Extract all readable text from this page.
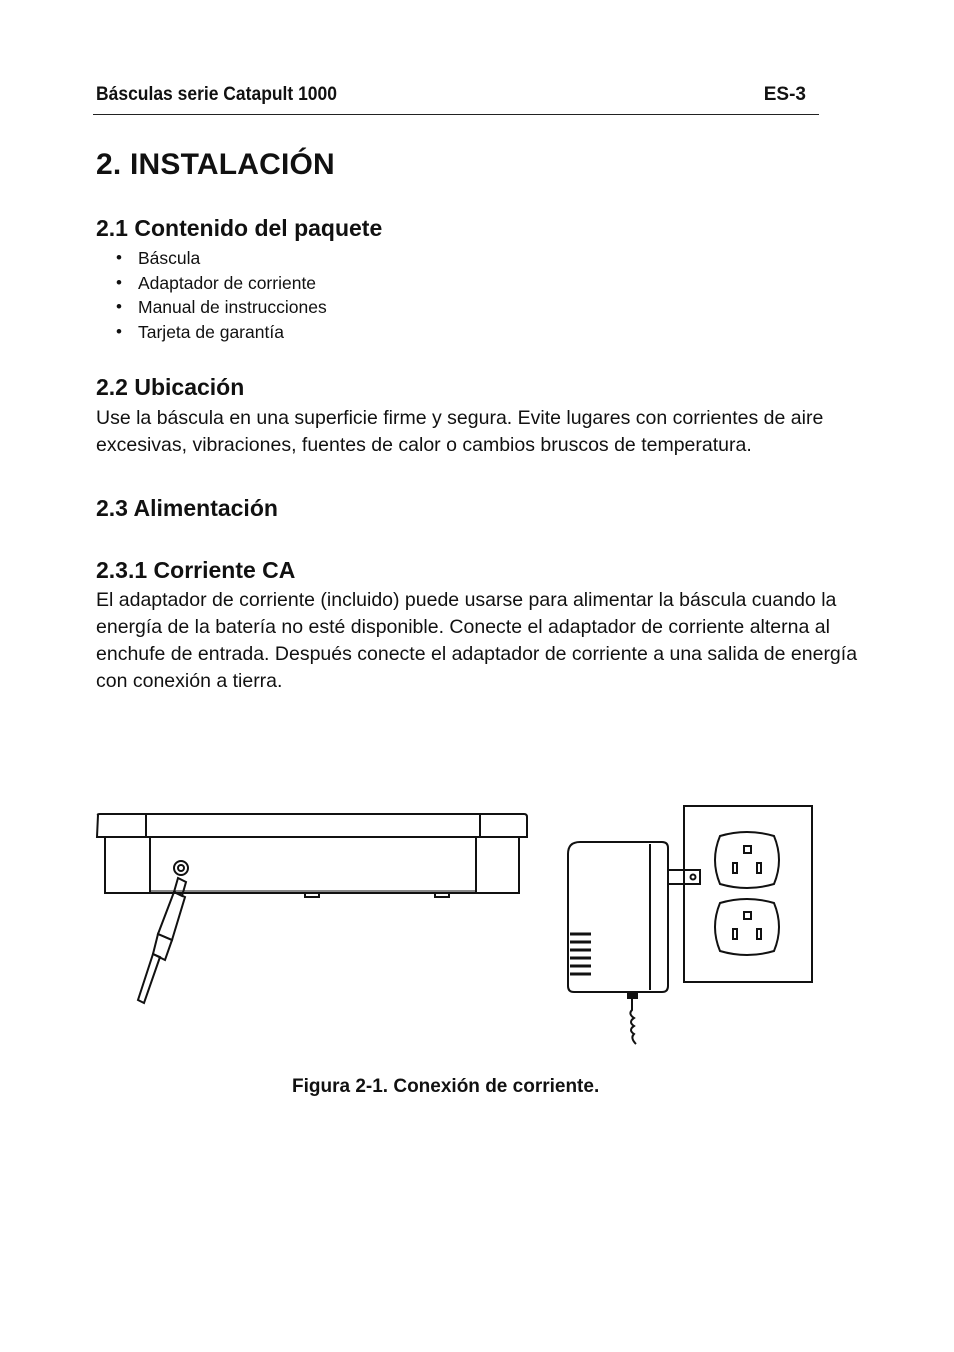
Básculas serie Catapult 1000	ES-3
2. INSTALACIÓN
2.1 Contenido del paquete
• Báscula
• Adaptador de corriente
• Manual de instrucciones
• Tarjeta de garantía
2.2 Ubicación
Use la báscula en una superficie firme y segura. Evite lugares con corrientes de aire excesivas, vibraciones, fuentes de calor o cambios bruscos de temperatura.
2.3 Alimentación
2.3.1 Corriente CA
El adaptador de corriente (incluido) puede usarse para alimentar la báscula cuando la energía de la batería no esté disponible. Conecte el adaptador de corriente alterna al enchufe de entrada. Después conecte el adaptador de corriente a una salida de energía con conexión a tierra.
Figura 2-1. Conexión de corriente.
